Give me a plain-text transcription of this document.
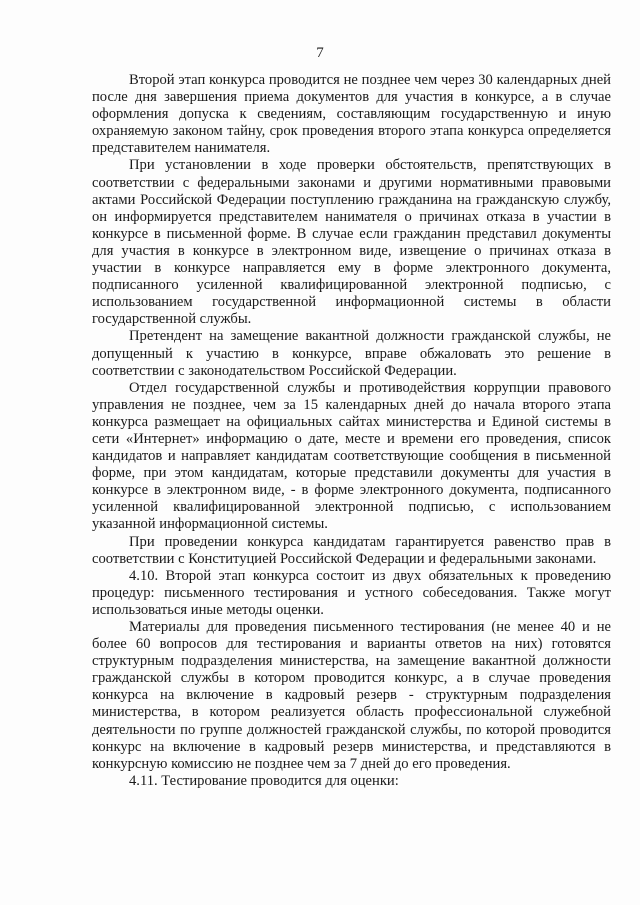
7

Второй этап конкурса проводится не позднее чем через 30 календарных дней после дня завершения приема документов для участия в конкурсе, а в случае оформления допуска к сведениям, составляющим государственную и иную охраняемую законом тайну, срок проведения второго этапа конкурса определяется представителем нанимателя.

При установлении в ходе проверки обстоятельств, препятствующих в соответствии с федеральными законами и другими нормативными правовыми актами Российской Федерации поступлению гражданина на гражданскую службу, он информируется представителем нанимателя о причинах отказа в участии в конкурсе в письменной форме. В случае если гражданин представил документы для участия в конкурсе в электронном виде, извещение о причинах отказа в участии в конкурсе направляется ему в форме электронного документа, подписанного усиленной квалифицированной электронной подписью, с использованием государственной информационной системы в области государственной службы.

Претендент на замещение вакантной должности гражданской службы, не допущенный к участию в конкурсе, вправе обжаловать это решение в соответствии с законодательством Российской Федерации.

Отдел государственной службы и противодействия коррупции правового управления не позднее, чем за 15 календарных дней до начала второго этапа конкурса размещает на официальных сайтах министерства и Единой системы в сети «Интернет» информацию о дате, месте и времени его проведения, список кандидатов и направляет кандидатам соответствующие сообщения в письменной форме, при этом кандидатам, которые представили документы для участия в конкурсе в электронном виде, - в форме электронного документа, подписанного усиленной квалифицированной электронной подписью, с использованием указанной информационной системы.

При проведении конкурса кандидатам гарантируется равенство прав в соответствии с Конституцией Российской Федерации и федеральными законами.

4.10. Второй этап конкурса состоит из двух обязательных к проведению процедур: письменного тестирования и устного собеседования. Также могут использоваться иные методы оценки.

Материалы для проведения письменного тестирования (не менее 40 и не более 60 вопросов для тестирования и варианты ответов на них) готовятся структурным подразделения министерства, на замещение вакантной должности гражданской службы в котором проводится конкурс, а в случае проведения конкурса на включение в кадровый резерв - структурным подразделения министерства, в котором реализуется область профессиональной служебной деятельности по группе должностей гражданской службы, по которой проводится конкурс на включение в кадровый резерв министерства, и представляются в конкурсную комиссию не позднее чем за 7 дней до его проведения.

4.11. Тестирование проводится для оценки:
